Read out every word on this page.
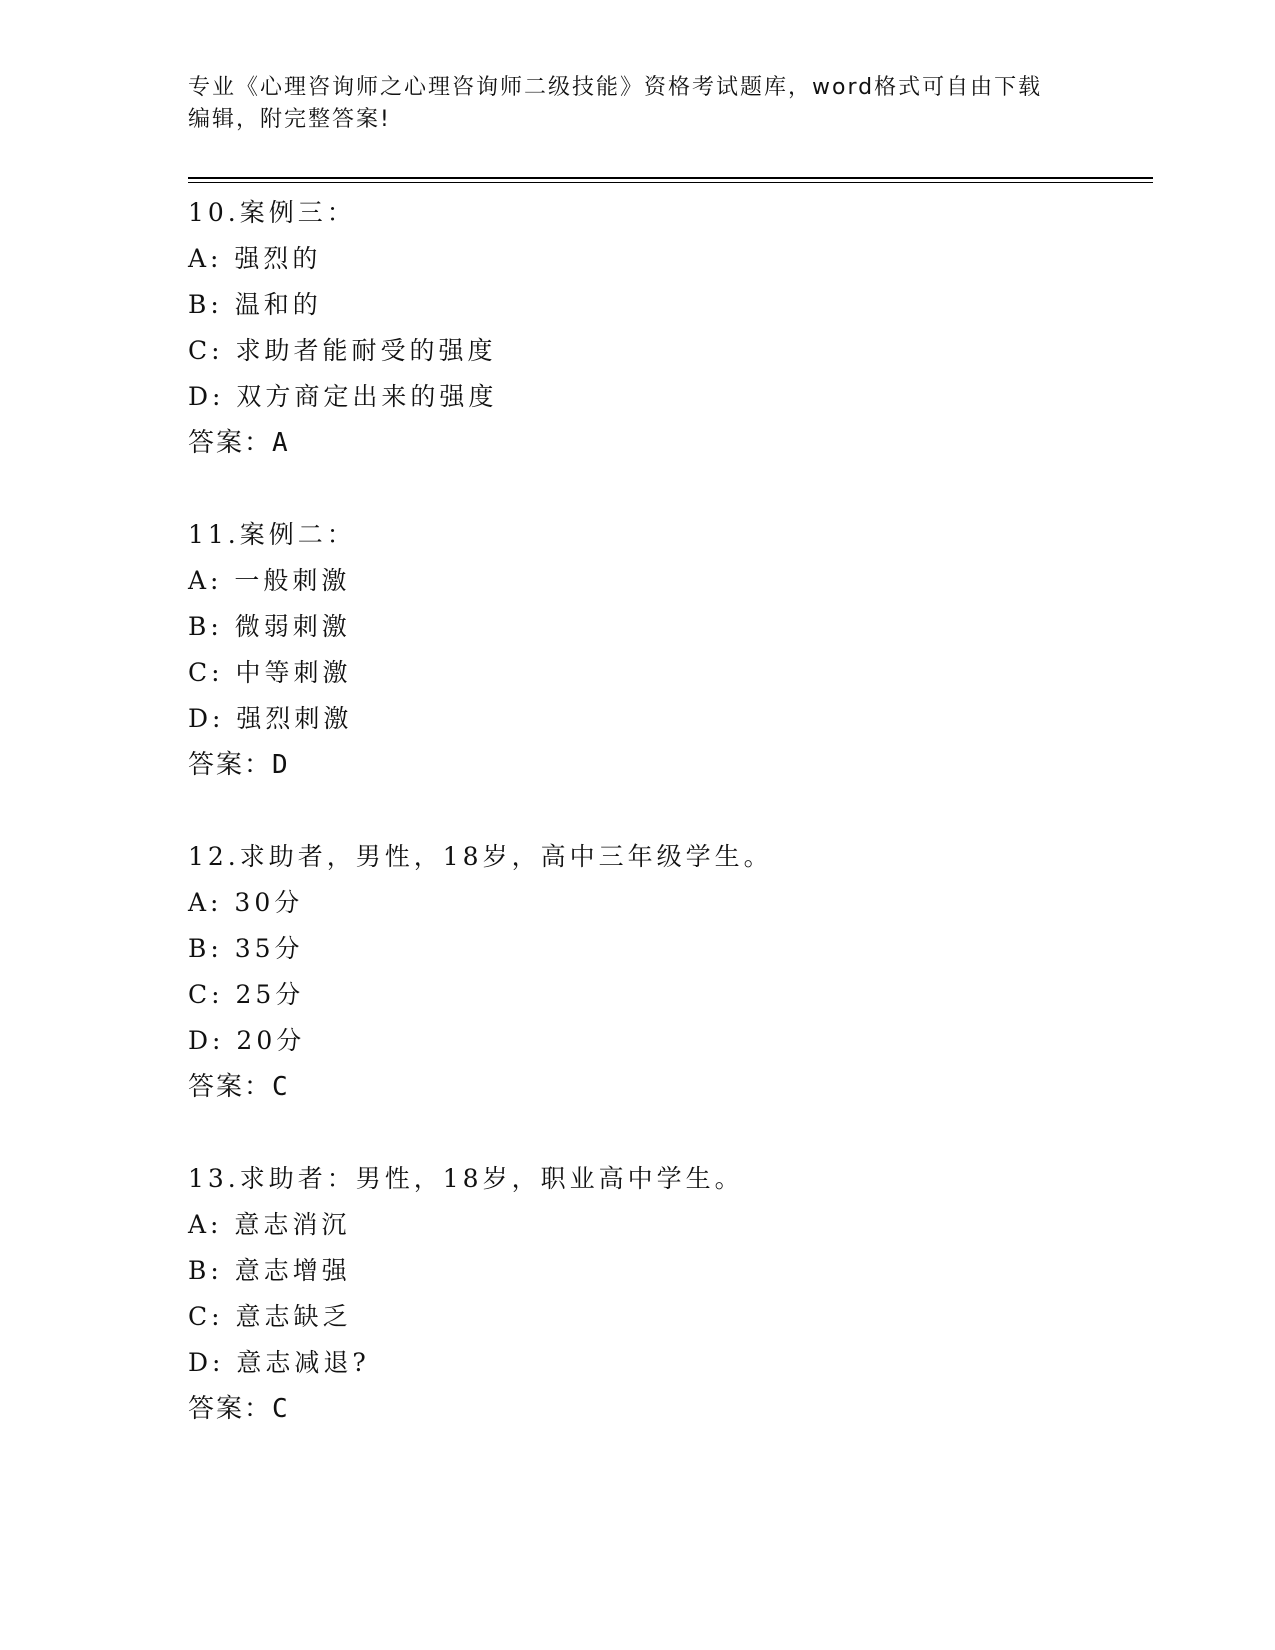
专业《心理咨询师之心理咨询师二级技能》资格考试题库，word格式可自由下载
编辑，附完整答案!
10.案例三：
A: 强烈的
B: 温和的
C: 求助者能耐受的强度
D: 双方商定出来的强度
答案：A
11.案例二：
A: 一般刺激
B: 微弱刺激
C: 中等刺激
D: 强烈刺激
答案：D
12.求助者，男性，18岁，高中三年级学生。
A: 30分
B: 35分
C: 25分
D: 20分
答案：C
13.求助者：男性，18岁，职业高中学生。
A: 意志消沉
B: 意志增强
C: 意志缺乏
D: 意志减退?
答案：C
